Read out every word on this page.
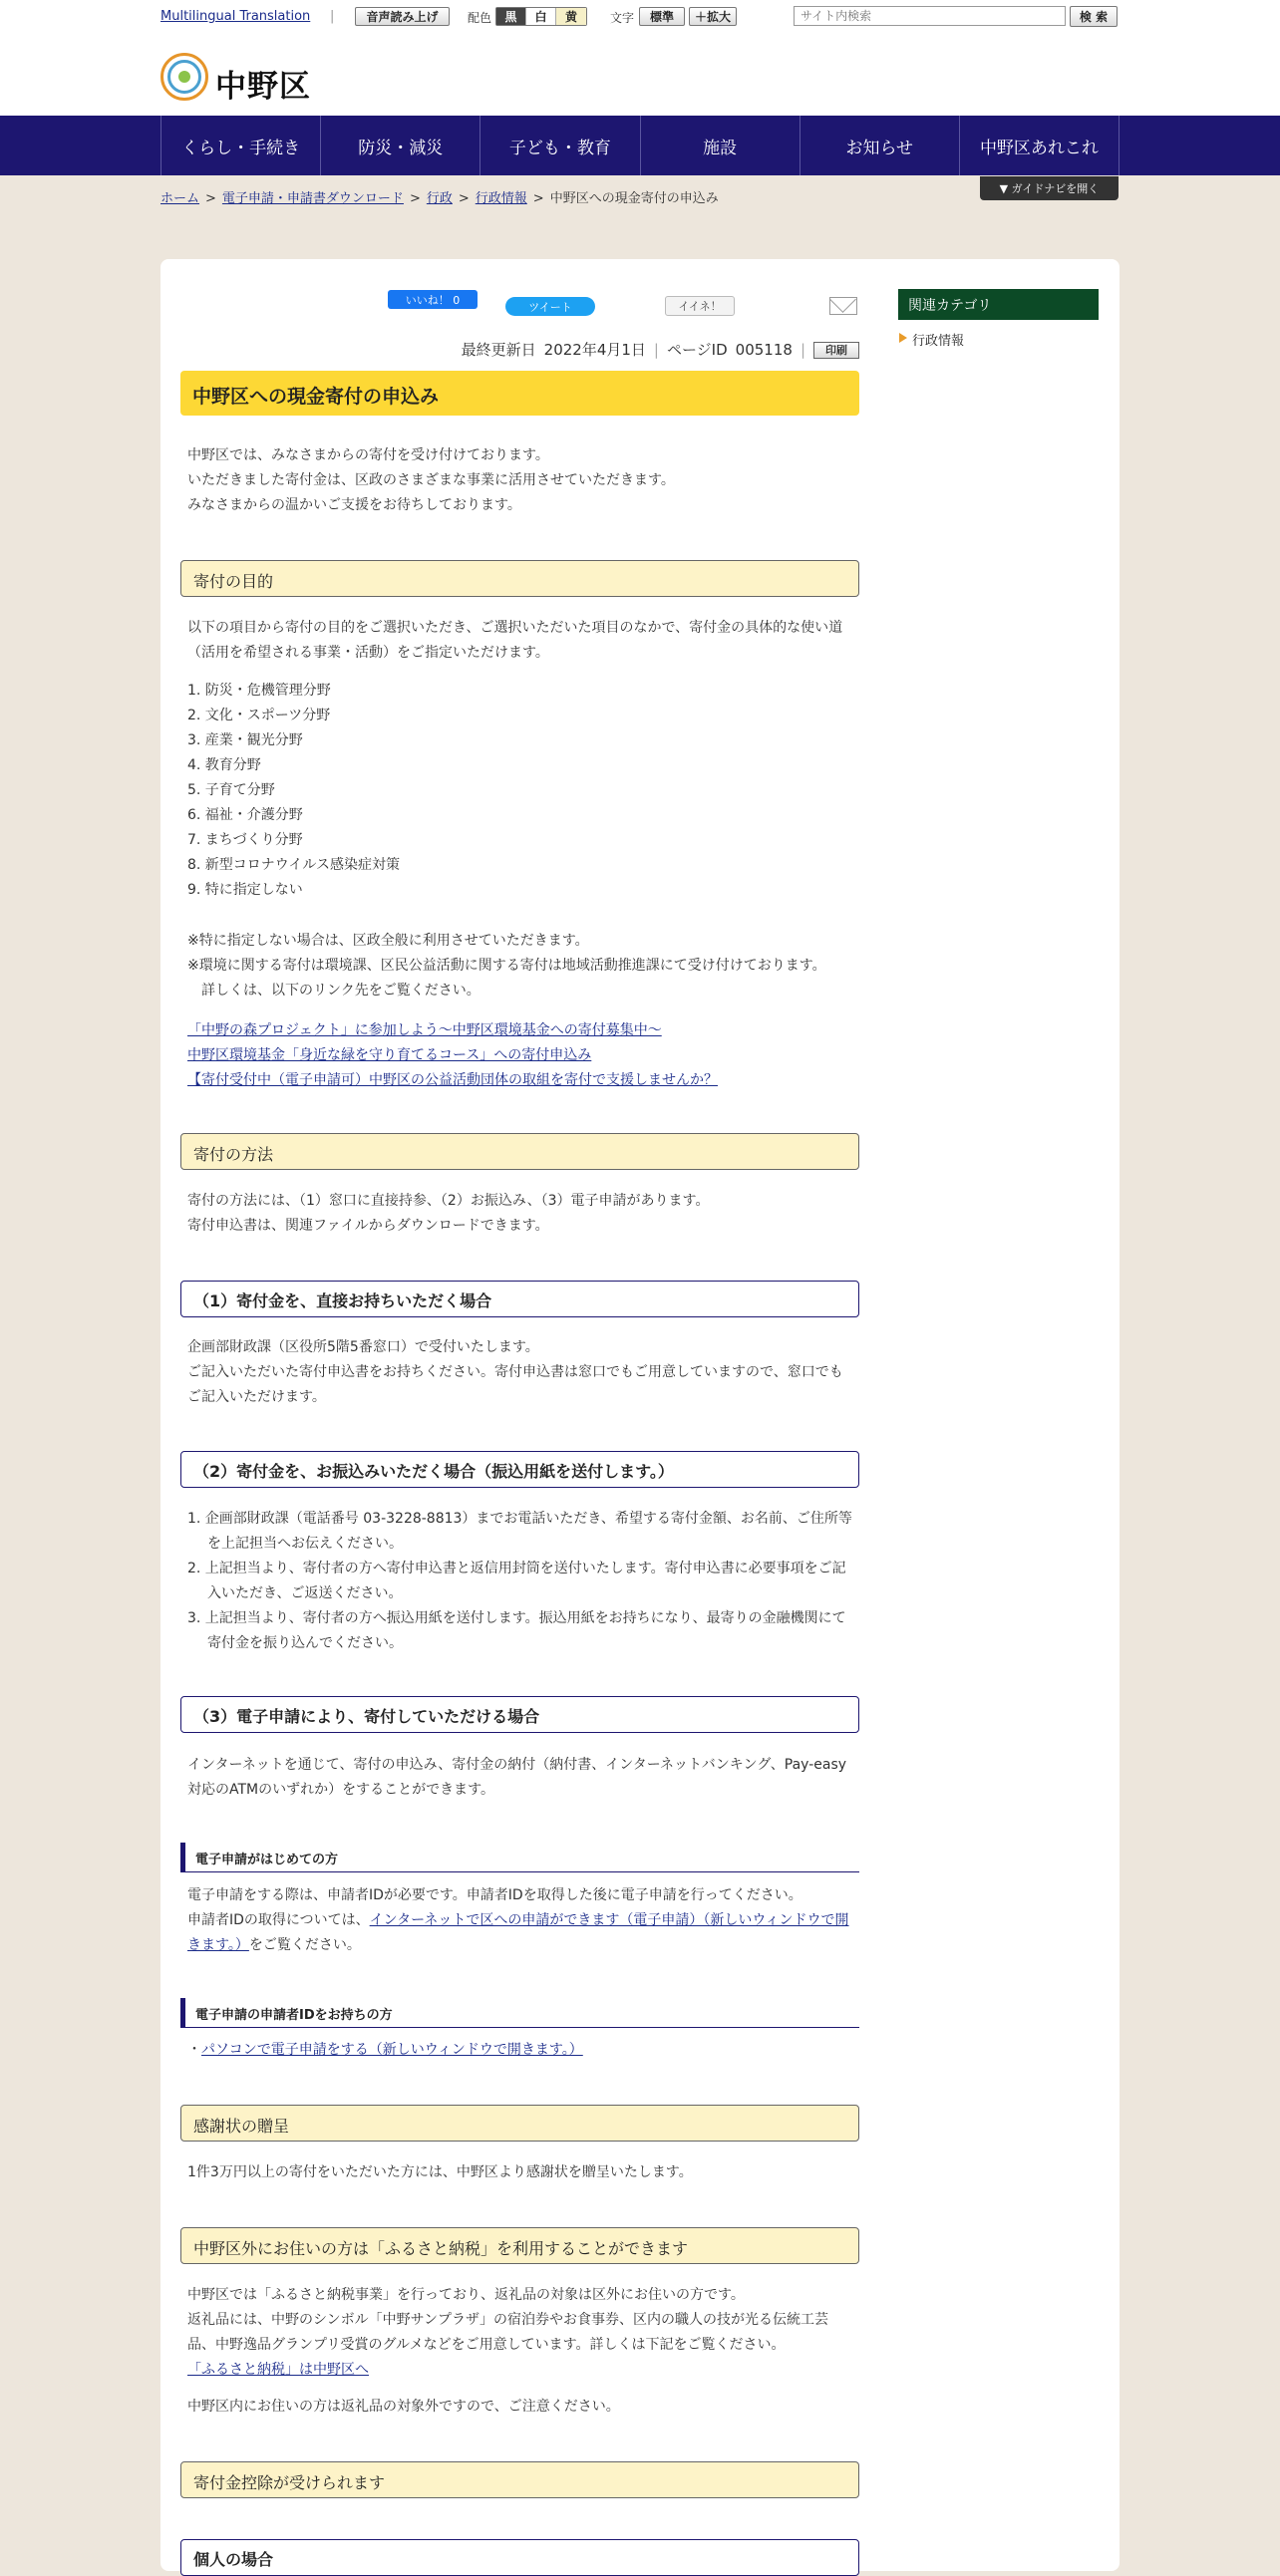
Multilingual Translation |	音声読み上げ	配色	黒	白	黄	文字	標準	＋拡大
サイト内検索	検 索
中野区
くらし・手続き	防災・減災	子ども・教育	施設	お知らせ	中野区あれこれ
ホーム > 電子申請・申請書ダウンロード > 行政 > 行政情報 > 中野区への現金寄付の申込み
▼ ガイドナビを開く
いいね！ 0
ツイート	イイネ！
最終更新日 2022年4月1日 | ページID 005118 | 印刷
中野区への現金寄付の申込み
中野区では、みなさまからの寄付を受け付けております。
いただきました寄付金は、区政のさまざまな事業に活用させていただきます。
みなさまからの温かいご支援をお待ちしております。
寄付の目的
以下の項目から寄付の目的をご選択いただき、ご選択いただいた項目のなかで、寄付金の具体的な使い道（活用を希望される事業・活動）をご指定いただけます。
1. 防災・危機管理分野
2. 文化・スポーツ分野
3. 産業・観光分野
4. 教育分野
5. 子育て分野
6. 福祉・介護分野
7. まちづくり分野
8. 新型コロナウイルス感染症対策
9. 特に指定しない
※特に指定しない場合は、区政全般に利用させていただきます。
※環境に関する寄付は環境課、区民公益活動に関する寄付は地域活動推進課にて受け付けております。
　詳しくは、以下のリンク先をご覧ください。
「中野の森プロジェクト」に参加しよう～中野区環境基金への寄付募集中～
中野区環境基金「身近な緑を守り育てるコース」への寄付申込み
【寄付受付中（電子申請可）中野区の公益活動団体の取組を寄付で支援しませんか？
寄付の方法
寄付の方法には、（1）窓口に直接持参、（2）お振込み、（3）電子申請があります。
寄付申込書は、関連ファイルからダウンロードできます。
（1）寄付金を、直接お持ちいただく場合
企画部財政課（区役所5階5番窓口）で受付いたします。
ご記入いただいた寄付申込書をお持ちください。寄付申込書は窓口でもご用意していますので、窓口でもご記入いただけます。
（2）寄付金を、お振込みいただく場合（振込用紙を送付します。）
1. 企画部財政課（電話番号 03-3228-8813）までお電話いただき、希望する寄付金額、お名前、ご住所等を上記担当へお伝えください。
2. 上記担当より、寄付者の方へ寄付申込書と返信用封筒を送付いたします。寄付申込書に必要事項をご記入いただき、ご返送ください。
3. 上記担当より、寄付者の方へ振込用紙を送付します。振込用紙をお持ちになり、最寄りの金融機関にて寄付金を振り込んでください。
（3）電子申請により、寄付していただける場合
インターネットを通じて、寄付の申込み、寄付金の納付（納付書、インターネットバンキング、Pay-easy対応のATMのいずれか）をすることができます。
電子申請がはじめての方
電子申請をする際は、申請者IDが必要です。申請者IDを取得した後に電子申請を行ってください。
申請者IDの取得については、インターネットで区への申請ができます（電子申請）（新しいウィンドウで開きます。）をご覧ください。
電子申請の申請者IDをお持ちの方
・パソコンで電子申請をする（新しいウィンドウで開きます。）
感謝状の贈呈
1件3万円以上の寄付をいただいた方には、中野区より感謝状を贈呈いたします。
中野区外にお住いの方は「ふるさと納税」を利用することができます
中野区では「ふるさと納税事業」を行っており、返礼品の対象は区外にお住いの方です。
返礼品には、中野のシンボル「中野サンプラザ」の宿泊券やお食事券、区内の職人の技が光る伝統工芸品、中野逸品グランプリ受賞のグルメなどをご用意しています。詳しくは下記をご覧ください。
「ふるさと納税」は中野区へ
中野区内にお住いの方は返礼品の対象外ですので、ご注意ください。
寄付金控除が受けられます
個人の場合
関連カテゴリ
行政情報
